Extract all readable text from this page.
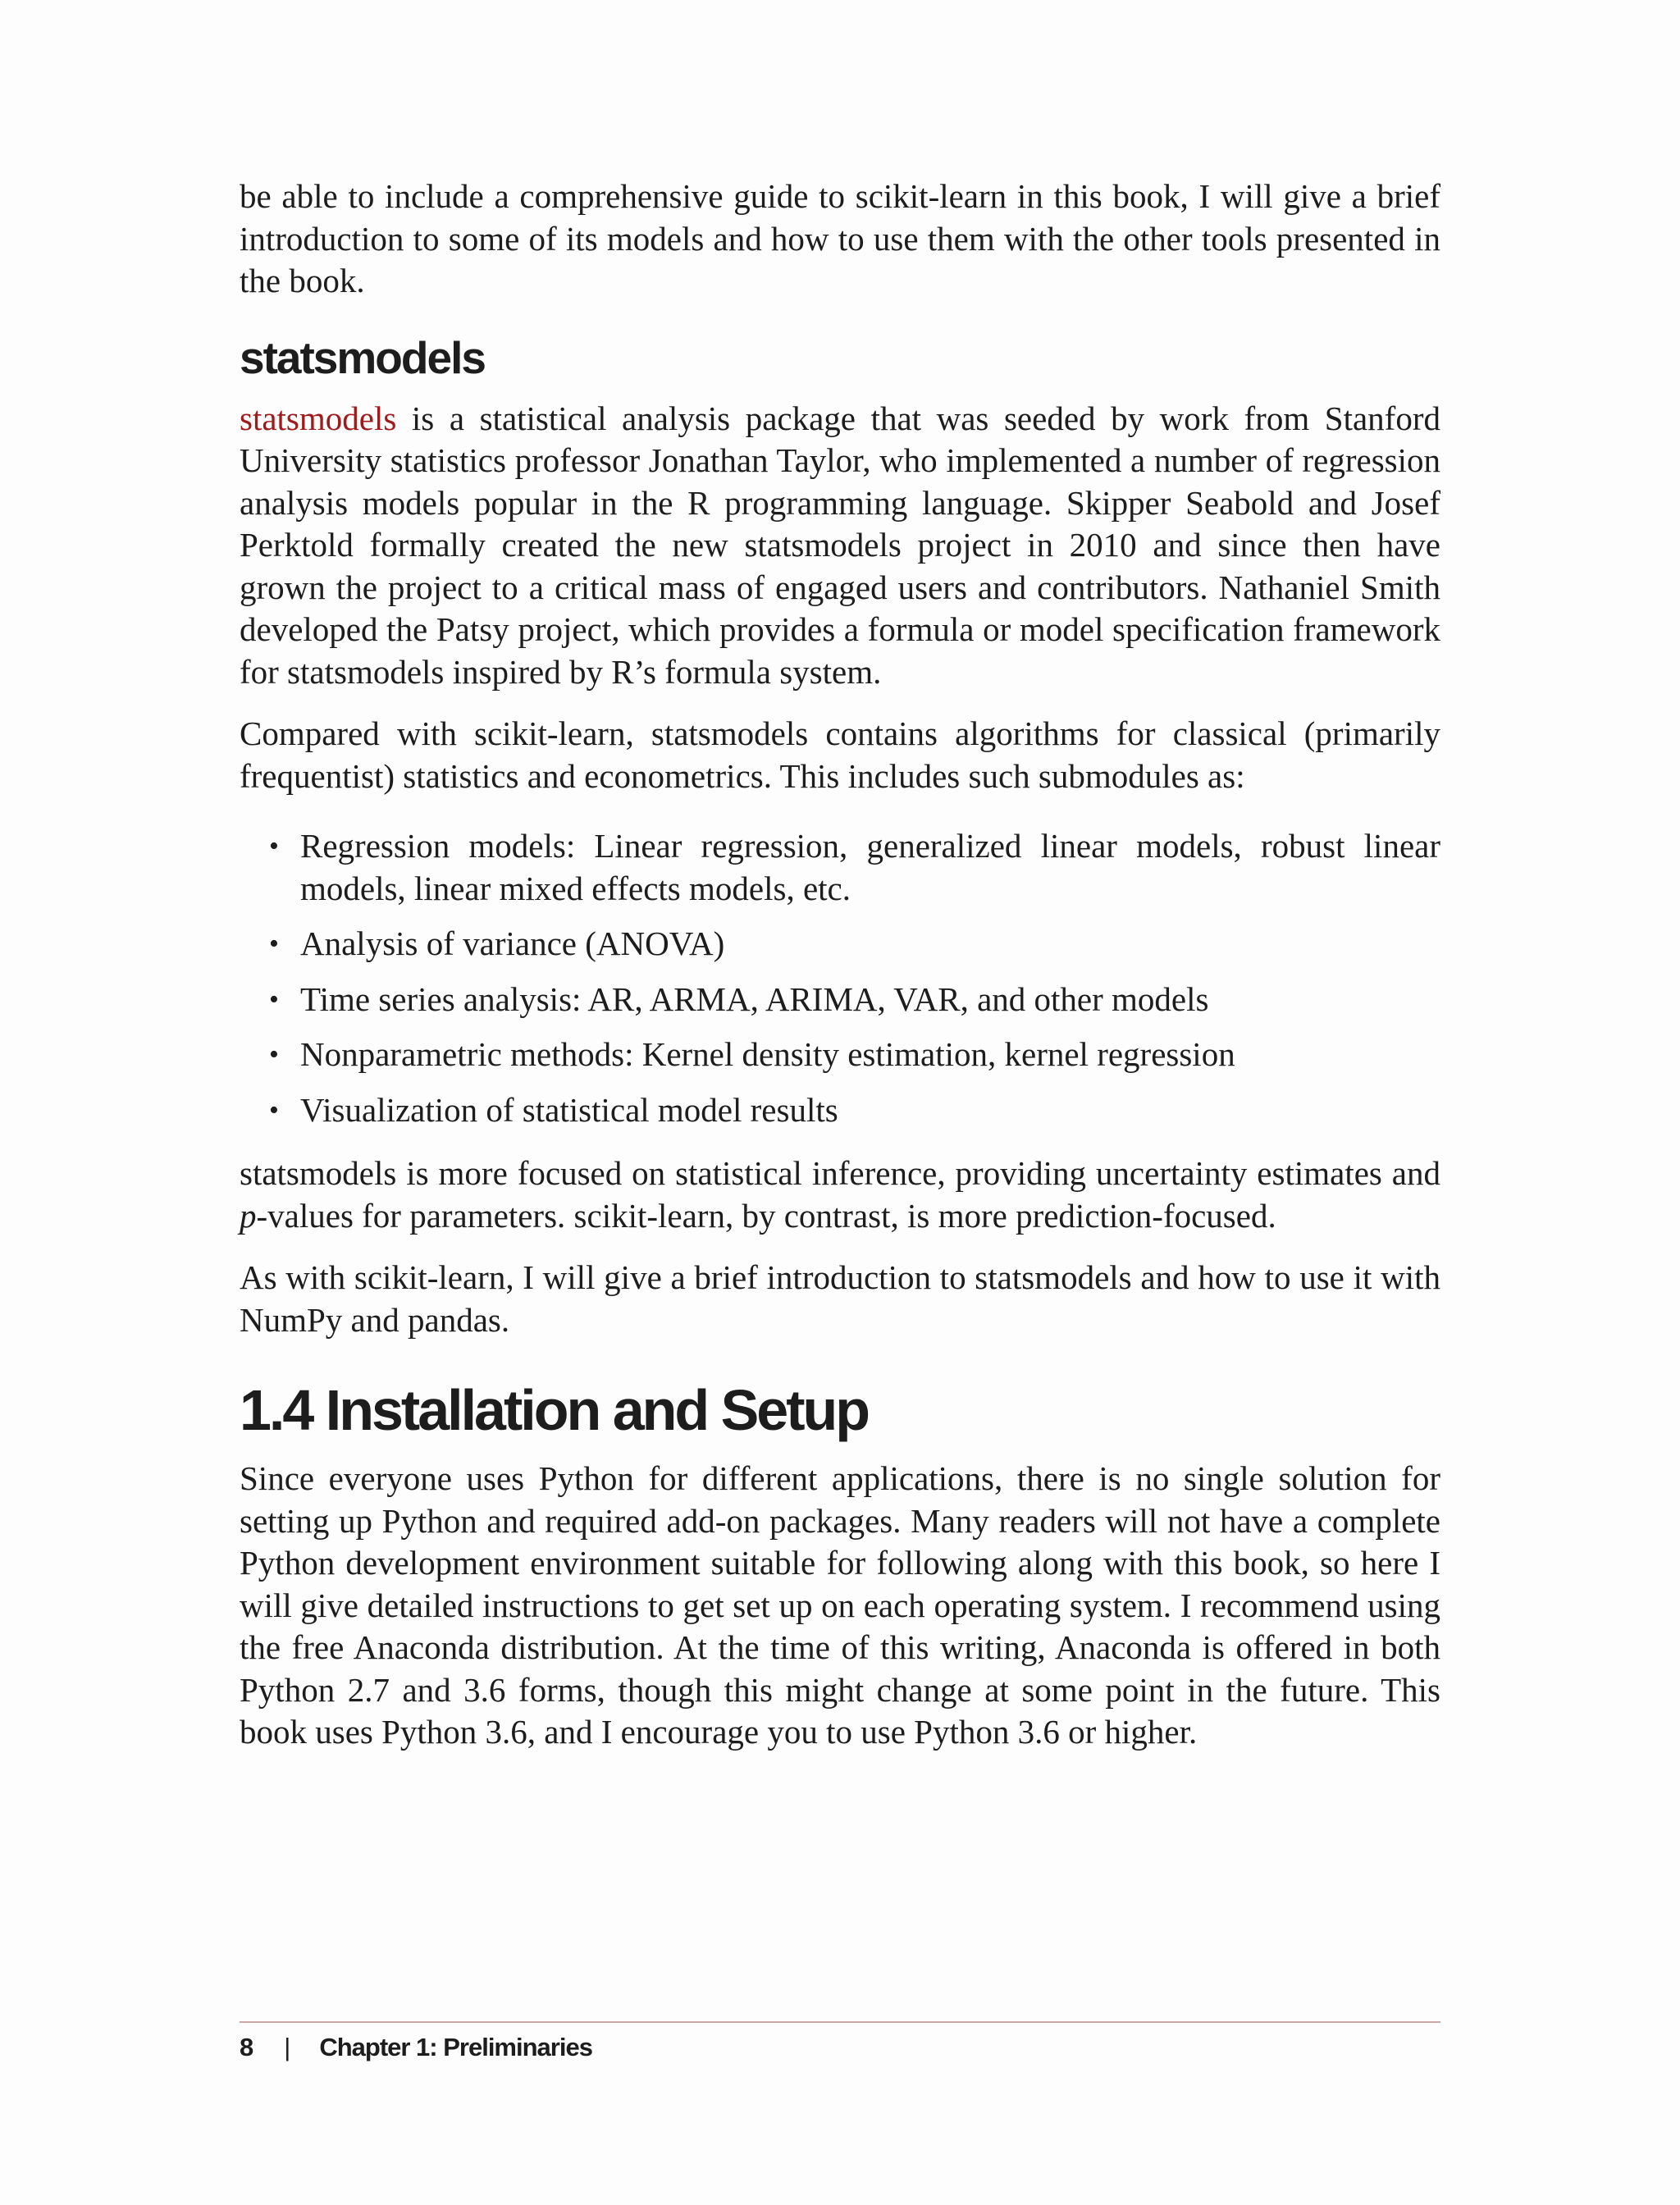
be able to include a comprehensive guide to scikit-learn in this book, I will give a brief introduction to some of its models and how to use them with the other tools presented in the book.

statsmodels

statsmodels is a statistical analysis package that was seeded by work from Stanford University statistics professor Jonathan Taylor, who implemented a number of regression analysis models popular in the R programming language. Skipper Seabold and Josef Perktold formally created the new statsmodels project in 2010 and since then have grown the project to a critical mass of engaged users and contributors. Nathaniel Smith developed the Patsy project, which provides a formula or model specification framework for statsmodels inspired by R’s formula system.

Compared with scikit-learn, statsmodels contains algorithms for classical (primarily frequentist) statistics and econometrics. This includes such submodules as:

• Regression models: Linear regression, generalized linear models, robust linear models, linear mixed effects models, etc.
• Analysis of variance (ANOVA)
• Time series analysis: AR, ARMA, ARIMA, VAR, and other models
• Nonparametric methods: Kernel density estimation, kernel regression
• Visualization of statistical model results

statsmodels is more focused on statistical inference, providing uncertainty estimates and p-values for parameters. scikit-learn, by contrast, is more prediction-focused.

As with scikit-learn, I will give a brief introduction to statsmodels and how to use it with NumPy and pandas.

1.4 Installation and Setup

Since everyone uses Python for different applications, there is no single solution for setting up Python and required add-on packages. Many readers will not have a complete Python development environment suitable for following along with this book, so here I will give detailed instructions to get set up on each operating system. I recommend using the free Anaconda distribution. At the time of this writing, Anaconda is offered in both Python 2.7 and 3.6 forms, though this might change at some point in the future. This book uses Python 3.6, and I encourage you to use Python 3.6 or higher.

8 | Chapter 1: Preliminaries
